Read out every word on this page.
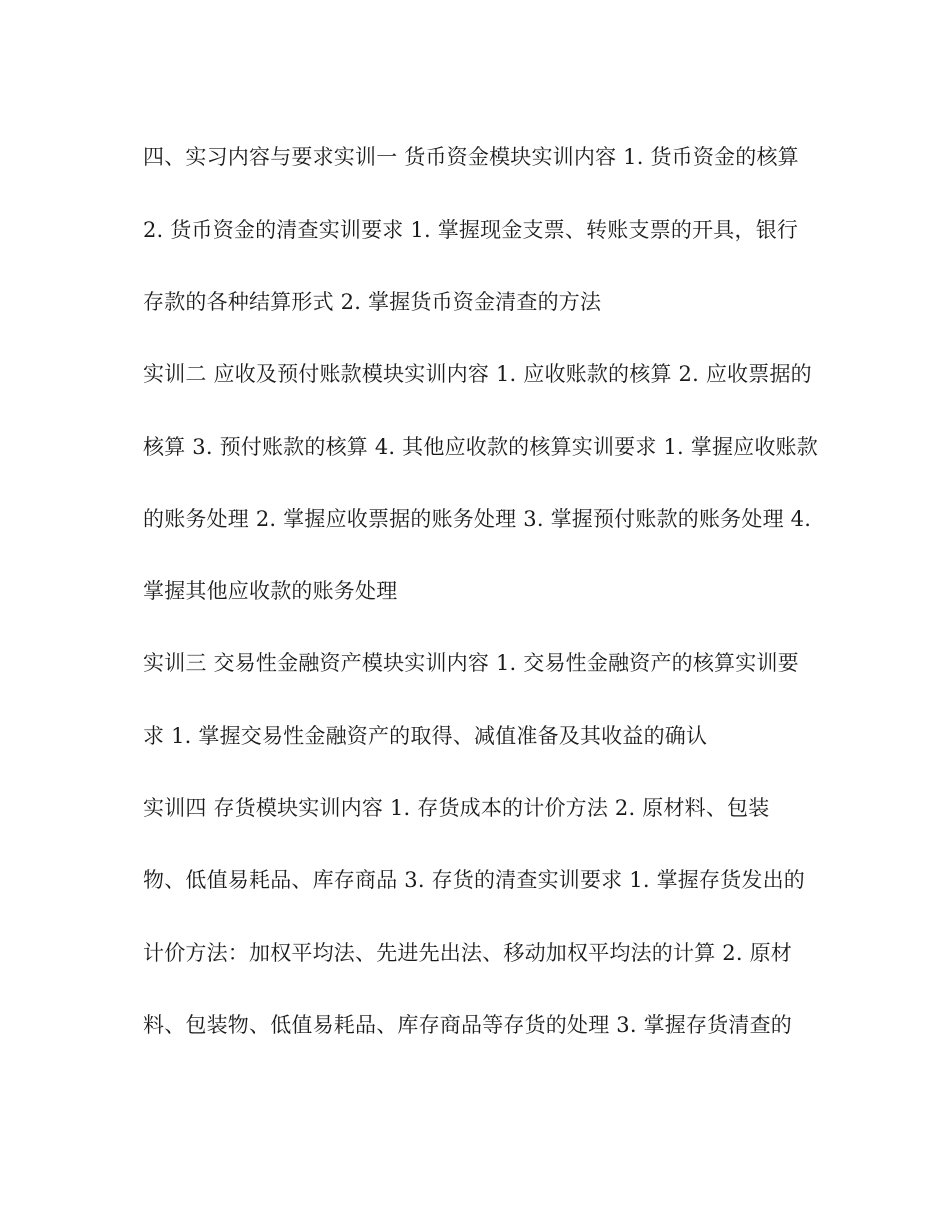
四、实习内容与要求实训一 货币资金模块实训内容 1. 货币资金的核算
2. 货币资金的清查实训要求 1. 掌握现金支票、转账支票的开具，银行
存款的各种结算形式 2. 掌握货币资金清查的方法
实训二 应收及预付账款模块实训内容 1. 应收账款的核算 2. 应收票据的
核算 3. 预付账款的核算 4. 其他应收款的核算实训要求 1. 掌握应收账款
的账务处理 2. 掌握应收票据的账务处理 3. 掌握预付账款的账务处理 4.
掌握其他应收款的账务处理
实训三 交易性金融资产模块实训内容 1. 交易性金融资产的核算实训要
求 1. 掌握交易性金融资产的取得、减值准备及其收益的确认
实训四 存货模块实训内容 1. 存货成本的计价方法 2. 原材料、包装
物、低值易耗品、库存商品 3. 存货的清查实训要求 1. 掌握存货发出的
计价方法：加权平均法、先进先出法、移动加权平均法的计算 2. 原材
料、包装物、低值易耗品、库存商品等存货的处理 3. 掌握存货清查的
